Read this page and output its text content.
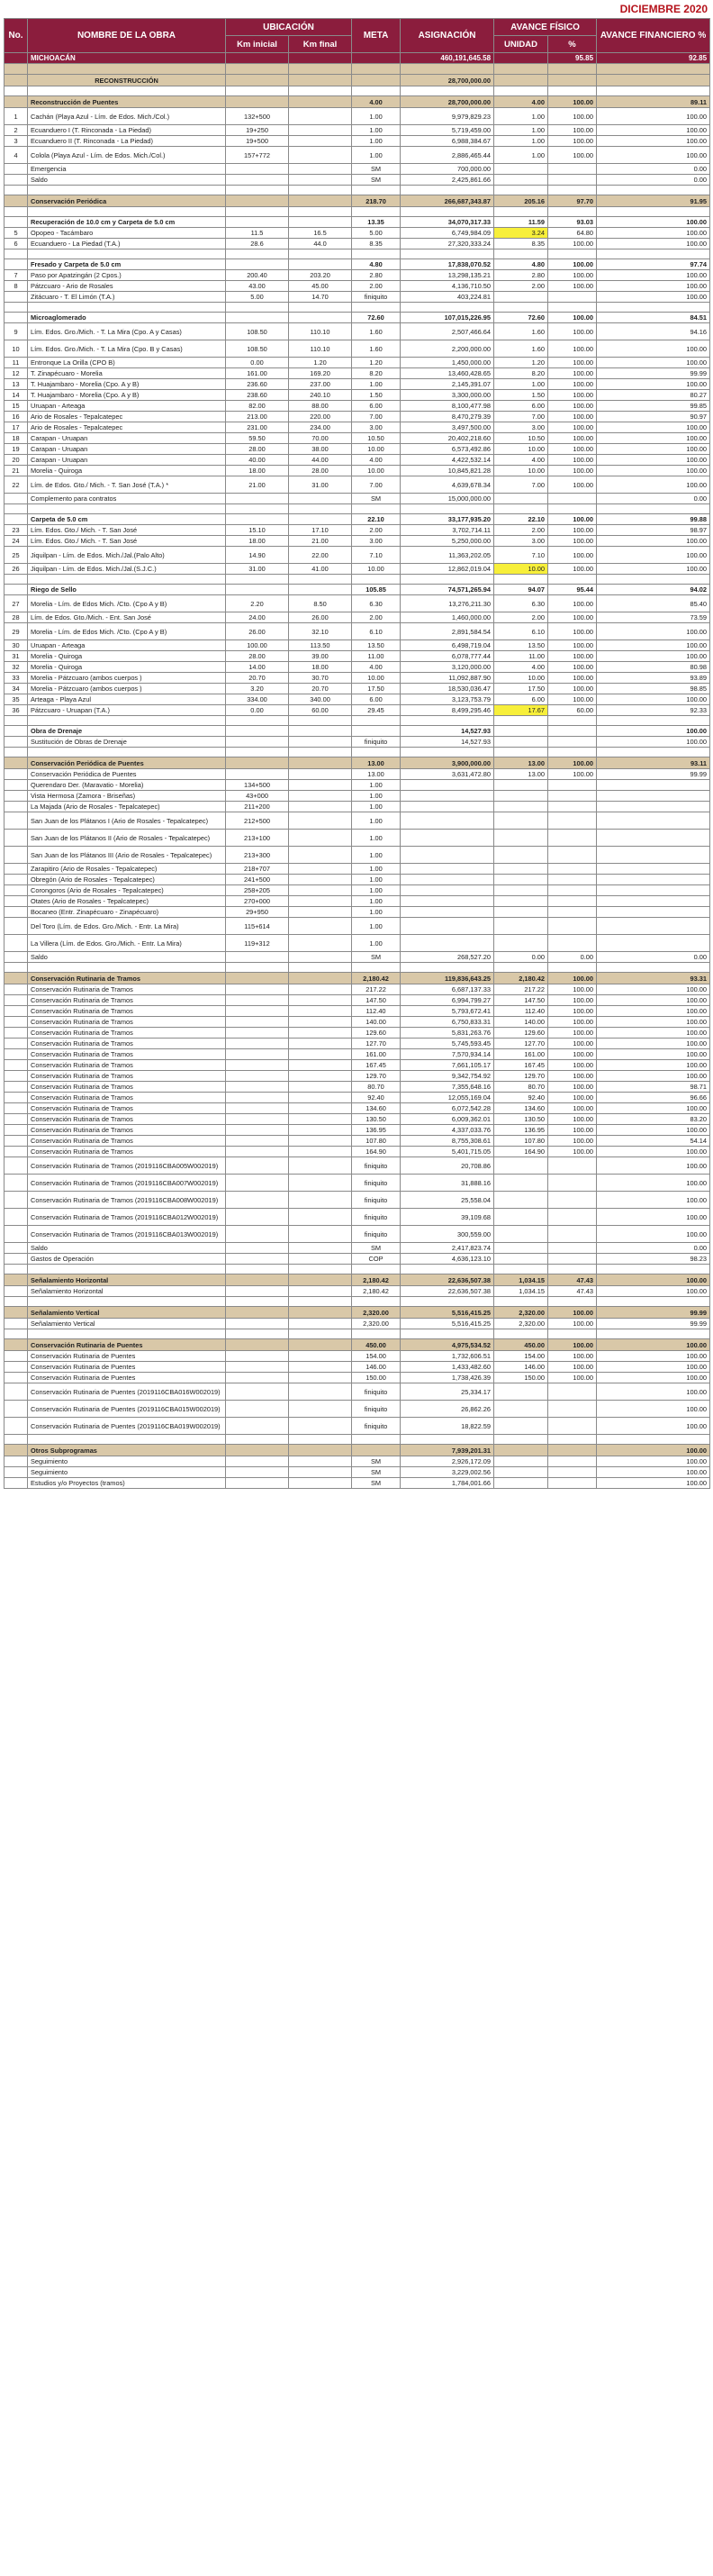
DICIEMBRE 2020
No.	NOMBRE DE LA OBRA	UBICACIÓN		META	ASIGNACIÓN	AVANCE FÍSICO		AVANCE FINANCIERO %
		Km inicial	Km final			UNIDAD	%	
	MICHOACÁN				460,191,645.58		95.85	92.85

	RECONSTRUCCIÓN				28,700,000.00			

	Reconstrucción de Puentes			4.00	28,700,000.00	4.00	100.00	89.11
1	Cachán (Playa Azul - Lím. de Edos. Mich./Col.)	132+500		1.00	9,979,829.23	1.00	100.00	100.00
2	Ecuanduero I (T. Rinconada - La Piedad)	19+250		1.00	5,719,459.00	1.00	100.00	100.00
3	Ecuanduero II (T. Rinconada - La Piedad)	19+500		1.00	6,988,384.67	1.00	100.00	100.00
4	Colola (Playa Azul - Lím. de Edos. Mich./Col.)	157+772		1.00	2,886,465.44	1.00	100.00	100.00
	Emergencia			SM	700,000.00			0.00
	Saldo			SM	2,425,861.66			0.00

	Conservación Periódica			218.70	266,687,343.87	205.16	97.70	91.95

	Recuperación de 10.0 cm y Carpeta de 5.0 cm			13.35	34,070,317.33	11.59	93.03	100.00
5	Opopeo - Tacámbaro	11.5	16.5	5.00	6,749,984.09	3.24	64.80	100.00
6	Ecuanduero - La Piedad (T.A.)	28.6	44.0	8.35	27,320,333.24	8.35	100.00	100.00

	Fresado y Carpeta de 5.0 cm			4.80	17,838,070.52	4.80	100.00	97.74
7	Paso por Apatzingán (2 Cpos.)	200.40	203.20	2.80	13,298,135.21	2.80	100.00	100.00
8	Pátzcuaro - Ario de Rosales	43.00	45.00	2.00	4,136,710.50	2.00	100.00	100.00
	Zitácuaro - T. El Limón (T.A.)	5.00	14.70	finiquito	403,224.81			100.00

	Microaglomerado			72.60	107,015,226.95	72.60	100.00	84.51
9	Lím. Edos. Gro./Mich. - T. La Mira (Cpo. A y Casas)	108.50	110.10	1.60	2,507,466.64	1.60	100.00	94.16
10	Lím. Edos. Gro./Mich. - T. La Mira (Cpo. B y Casas)	108.50	110.10	1.60	2,200,000.00	1.60	100.00	100.00
11	Entronque La Orilla (CPO B)	0.00	1.20	1.20	1,450,000.00	1.20	100.00	100.00
12	T. Zinapécuaro - Morelia	161.00	169.20	8.20	13,460,428.65	8.20	100.00	99.99
13	T. Huajambaro - Morelia (Cpo. A y B)	236.60	237.00	1.00	2,145,391.07	1.00	100.00	100.00
14	T. Huajambaro - Morelia (Cpo. A y B)	238.60	240.10	1.50	3,300,000.00	1.50	100.00	80.27
15	Uruapan - Arteaga	82.00	88.00	6.00	8,100,477.98	6.00	100.00	99.85
16	Ario de Rosales - Tepalcatepec	213.00	220.00	7.00	8,470,279.39	7.00	100.00	90.97
17	Ario de Rosales - Tepalcatepec	231.00	234.00	3.00	3,497,500.00	3.00	100.00	100.00
18	Carapan - Uruapan	59.50	70.00	10.50	20,402,218.60	10.50	100.00	100.00
19	Carapan - Uruapan	28.00	38.00	10.00	6,573,492.86	10.00	100.00	100.00
20	Carapan - Uruapan	40.00	44.00	4.00	4,422,532.14	4.00	100.00	100.00
21	Morelia - Quiroga	18.00	28.00	10.00	10,845,821.28	10.00	100.00	100.00
22	Lím. de Edos. Gto./ Mich. - T. San José (T.A.) *	21.00	31.00	7.00	4,639,678.34	7.00	100.00	100.00
	Complemento para contratos			SM	15,000,000.00			0.00

	Carpeta de 5.0 cm			22.10	33,177,935.20	22.10	100.00	99.88
23	Lím. Edos. Gto./ Mich. - T. San José	15.10	17.10	2.00	3,702,714.11	2.00	100.00	98.97
24	Lím. Edos. Gto./ Mich. - T. San José	18.00	21.00	3.00	5,250,000.00	3.00	100.00	100.00
25	Jiquilpan - Lím. de Edos. Mich./Jal.(Palo Alto)	14.90	22.00	7.10	11,363,202.05	7.10	100.00	100.00
26	Jiquilpan - Lím. de Edos. Mich./Jal.(S.J.C.)	31.00	41.00	10.00	12,862,019.04	10.00	100.00	100.00

	Riego de Sello			105.85	74,571,265.94	94.07	95.44	94.02
27	Morelia - Lím. de Edos Mich. /Cto. (Cpo A y B)	2.20	8.50	6.30	13,276,211.30	6.30	100.00	85.40
28	Lím. de Edos. Gto./Mich. - Ent. San José	24.00	26.00	2.00	1,460,000.00	2.00	100.00	73.59
29	Morelia - Lím. de Edos Mich. /Cto. (Cpo A y B)	26.00	32.10	6.10	2,891,584.54	6.10	100.00	100.00
30	Uruapan - Arteaga	100.00	113.50	13.50	6,498,719.04	13.50	100.00	100.00
31	Morelia - Quiroga	28.00	39.00	11.00	6,078,777.44	11.00	100.00	100.00
32	Morelia - Quiroga	14.00	18.00	4.00	3,120,000.00	4.00	100.00	80.98
33	Morelia - Pátzcuaro (ambos cuerpos )	20.70	30.70	10.00	11,092,887.90	10.00	100.00	93.89
34	Morelia - Pátzcuaro (ambos cuerpos )	3.20	20.70	17.50	18,530,036.47	17.50	100.00	98.85
35	Arteaga - Playa Azul	334.00	340.00	6.00	3,123,753.79	6.00	100.00	100.00
36	Pátzcuaro - Uruapan (T.A.)	0.00	60.00	29.45	8,499,295.46	17.67	60.00	92.33

	Obra de Drenaje				14,527.93			100.00
	Sustitución de Obras de Drenaje			finiquito	14,527.93			100.00

	Conservación Periódica de Puentes			13.00	3,900,000.00	13.00	100.00	93.11
	Conservación Periódica de Puentes			13.00	3,631,472.80	13.00	100.00	99.99
	Querendaro Der. (Maravatio - Morelia)	134+500		1.00				
	Vista Hermosa (Zamora - Briseñas)	43+000		1.00				
	La Majada (Ario de Rosales - Tepalcatepec)	211+200		1.00				
	San Juan de los Plátanos I (Ario de Rosales - Tepalcatepec)	212+500		1.00				
	San Juan de los Plátanos II (Ario de Rosales - Tepalcatepec)	213+100		1.00				
	San Juan de los Plátanos III (Ario de Rosales - Tepalcatepec)	213+300		1.00				
	Zarapitiro (Ario de Rosales - Tepalcatepec)	218+707		1.00				
	Obregón (Ario de Rosales - Tepalcatepec)	241+500		1.00				
	Corongoros (Ario de Rosales - Tepalcatepec)	258+205		1.00				
	Otates (Ario de Rosales - Tepalcatepec)	270+000		1.00				
	Bocaneo (Entr. Zinapécuaro - Zinapécuaro)	29+950		1.00				
	Del Toro (Lím. de Edos. Gro./Mich. - Entr. La Mira)	115+614		1.00				
	La Villera (Lím. de Edos. Gro./Mich. - Entr. La Mira)	119+312		1.00				
	Saldo			SM	268,527.20	0.00	0.00	0.00

	Conservación Rutinaria de Tramos			2,180.42	119,836,643.25	2,180.42	100.00	93.31
	Conservación Rutinaria de Tramos			217.22	6,687,137.33	217.22	100.00	100.00
	Conservación Rutinaria de Tramos			147.50	6,994,799.27	147.50	100.00	100.00
	Conservación Rutinaria de Tramos			112.40	5,793,672.41	112.40	100.00	100.00
	Conservación Rutinaria de Tramos			140.00	6,750,833.31	140.00	100.00	100.00
	Conservación Rutinaria de Tramos			129.60	5,831,263.76	129.60	100.00	100.00
	Conservación Rutinaria de Tramos			127.70	5,745,593.45	127.70	100.00	100.00
	Conservación Rutinaria de Tramos			161.00	7,570,934.14	161.00	100.00	100.00
	Conservación Rutinaria de Tramos			167.45	7,661,105.17	167.45	100.00	100.00
	Conservación Rutinaria de Tramos			129.70	9,342,754.92	129.70	100.00	100.00
	Conservación Rutinaria de Tramos			80.70	7,355,648.16	80.70	100.00	98.71
	Conservación Rutinaria de Tramos			92.40	12,055,169.04	92.40	100.00	96.66
	Conservación Rutinaria de Tramos			134.60	6,072,542.28	134.60	100.00	100.00
	Conservación Rutinaria de Tramos			130.50	6,009,362.01	130.50	100.00	83.20
	Conservación Rutinaria de Tramos			136.95	4,337,033.76	136.95	100.00	100.00
	Conservación Rutinaria de Tramos			107.80	8,755,308.61	107.80	100.00	54.14
	Conservación Rutinaria de Tramos			164.90	5,401,715.05	164.90	100.00	100.00
	Conservación Rutinaria de Tramos (2019116CBA005W002019)			finiquito	20,708.86			100.00
	Conservación Rutinaria de Tramos (2019116CBA007W002019)			finiquito	31,888.16			100.00
	Conservación Rutinaria de Tramos (2019116CBA008W002019)			finiquito	25,558.04			100.00
	Conservación Rutinaria de Tramos (2019116CBA012W002019)			finiquito	39,109.68			100.00
	Conservación Rutinaria de Tramos (2019116CBA013W002019)			finiquito	300,559.00			100.00
	Saldo			SM	2,417,823.74			0.00
	Gastos de Operación			COP	4,636,123.10			98.23

	Señalamiento Horizontal			2,180.42	22,636,507.38	1,034.15	47.43	100.00
	Señalamiento Horizontal			2,180.42	22,636,507.38	1,034.15	47.43	100.00

	Señalamiento Vertical			2,320.00	5,516,415.25	2,320.00	100.00	99.99
	Señalamiento Vertical			2,320.00	5,516,415.25	2,320.00	100.00	99.99

	Conservación Rutinaria de Puentes			450.00	4,975,534.52	450.00	100.00	100.00
	Conservación Rutinaria de Puentes			154.00	1,732,606.51	154.00	100.00	100.00
	Conservación Rutinaria de Puentes			146.00	1,433,482.60	146.00	100.00	100.00
	Conservación Rutinaria de Puentes			150.00	1,738,426.39	150.00	100.00	100.00
	Conservación Rutinaria de Puentes (2019116CBA016W002019)			finiquito	25,334.17			100.00
	Conservación Rutinaria de Puentes (2019116CBA015W002019)			finiquito	26,862.26			100.00
	Conservación Rutinaria de Puentes (2019116CBA019W002019)			finiquito	18,822.59			100.00

	Otros Subprogramas				7,939,201.31			100.00
	Seguimiento			SM	2,926,172.09			100.00
	Seguimiento			SM	3,229,002.56			100.00
	Estudios y/o Proyectos (tramos)			SM	1,784,001.66			100.00
